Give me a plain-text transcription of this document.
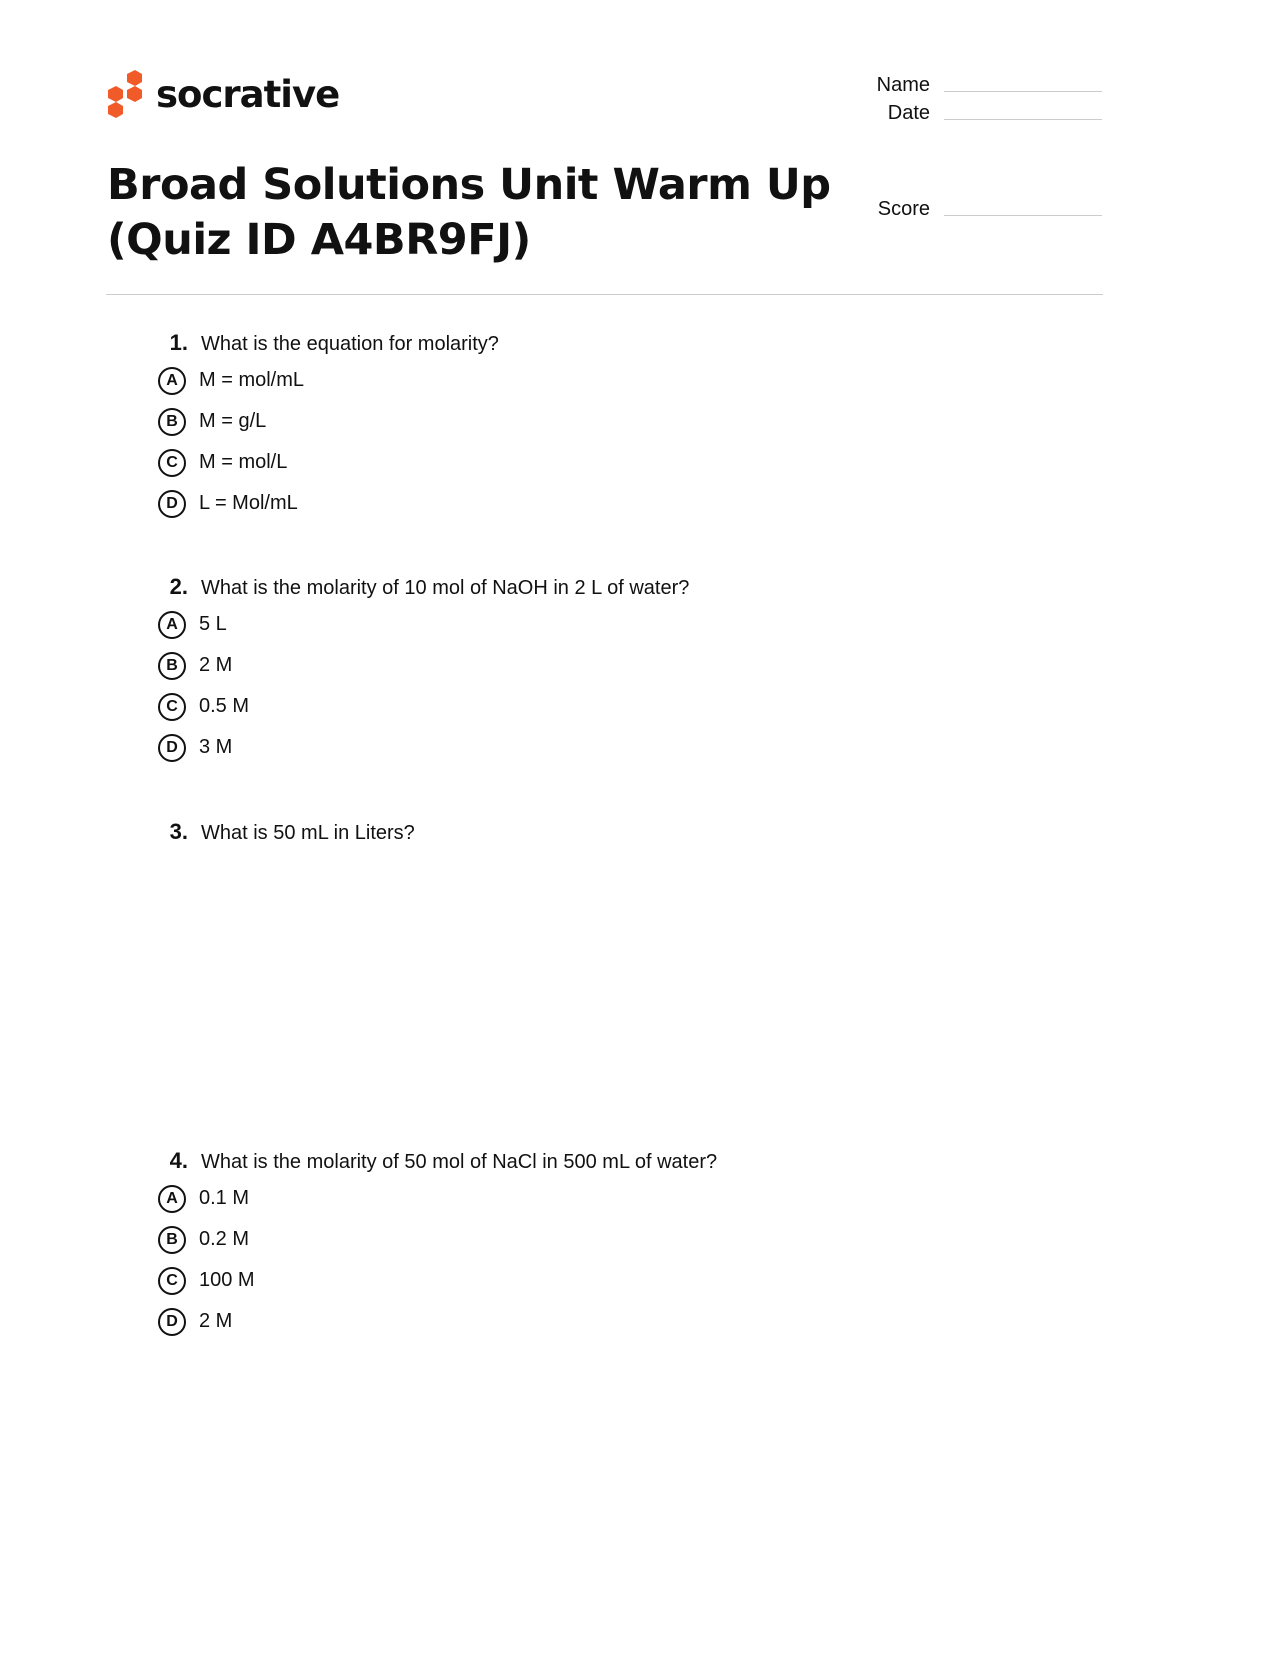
socrative
Broad Solutions Unit Warm Up
(Quiz ID A4BR9FJ)
Name
Date
Score
1. What is the equation for molarity?
A	M = mol/mL
B	M = g/L
C	M = mol/L
D	L = Mol/mL
2. What is the molarity of 10 mol of NaOH in 2 L of water?
A	5 L
B	2 M
C	0.5 M
D	3 M
3. What is 50 mL in Liters?
4. What is the molarity of 50 mol of NaCl in 500 mL of water?
A	0.1 M
B	0.2 M
C	100 M
D	2 M
